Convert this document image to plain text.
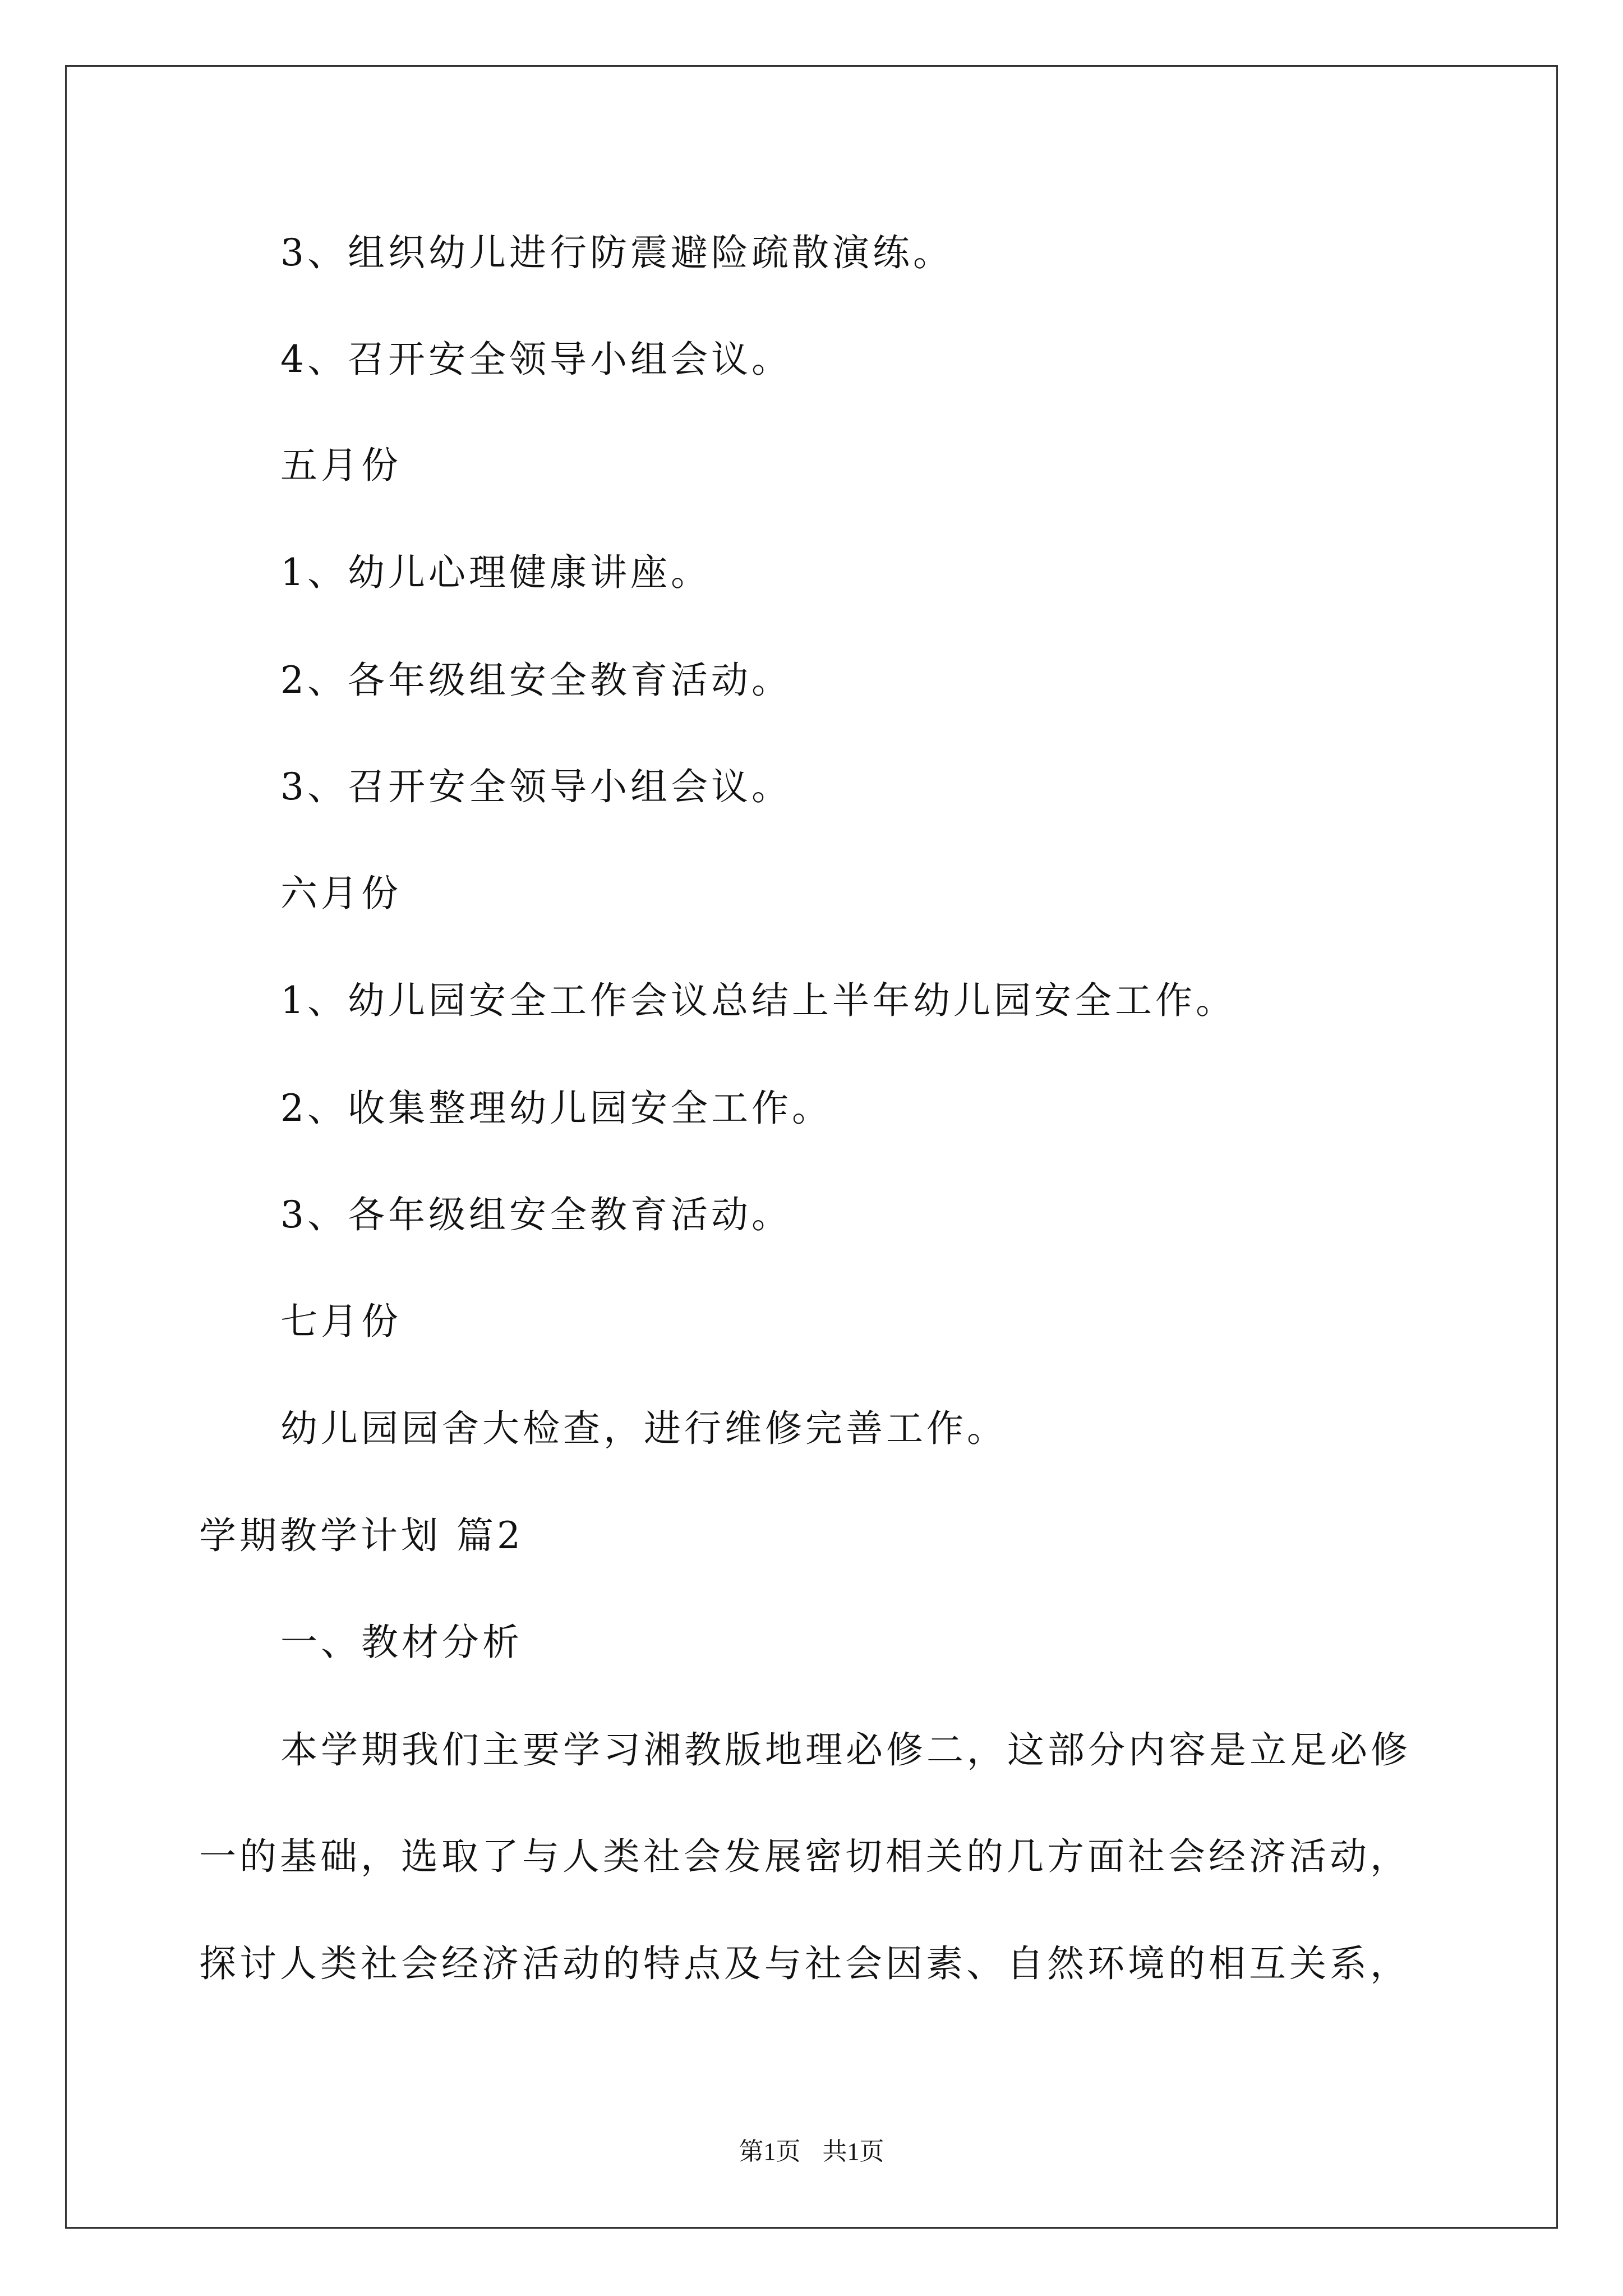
3、组织幼儿进行防震避险疏散演练。
4、召开安全领导小组会议。
五月份
1、幼儿心理健康讲座。
2、各年级组安全教育活动。
3、召开安全领导小组会议。
六月份
1、幼儿园安全工作会议总结上半年幼儿园安全工作。
2、收集整理幼儿园安全工作。
3、各年级组安全教育活动。
七月份
幼儿园园舍大检查，进行维修完善工作。
学期教学计划 篇2
一、教材分析
本学期我们主要学习湘教版地理必修二，这部分内容是立足必修
一的基础，选取了与人类社会发展密切相关的几方面社会经济活动，
探讨人类社会经济活动的特点及与社会因素、自然环境的相互关系，
第1页 共1页
